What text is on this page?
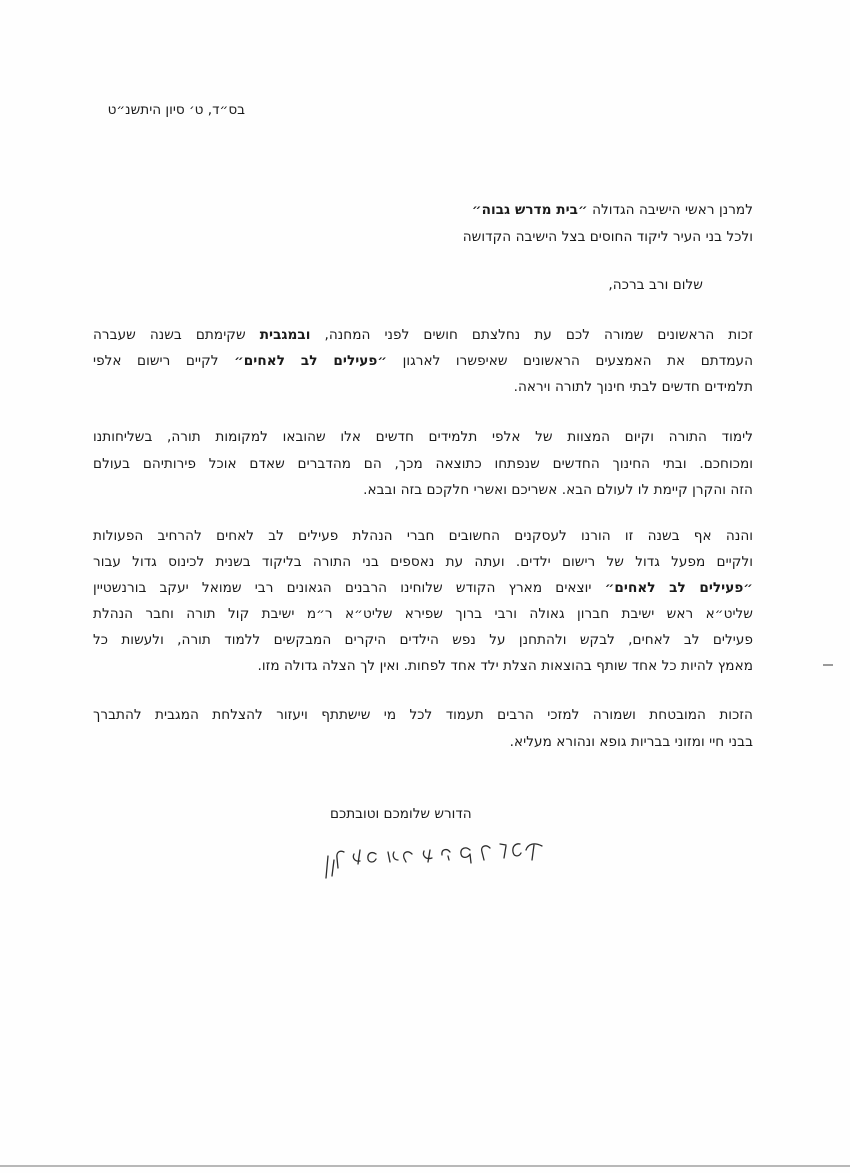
בס״ד, ט׳ סיון היתשנ״ט
למרנן ראשי הישיבה הגדולה ״בית מדרש גבוה״
ולכל בני העיר ליקוד החוסים בצל הישיבה הקדושה
שלום ורב ברכה,
זכות הראשונים שמורה לכם עת נחלצתם חושים לפני המחנה, ובמגבית שקימתם בשנה שעברה
העמדתם את האמצעים הראשונים שאיפשרו לארגון ״פעילים לב לאחים״ לקיים רישום אלפי
תלמידים חדשים לבתי חינוך לתורה ויראה.
לימוד התורה וקיום המצוות של אלפי תלמידים חדשים אלו שהובאו למקומות תורה, בשליחותנו
ומכוחכם. ובתי החינוך החדשים שנפתחו כתוצאה מכך, הם מהדברים שאדם אוכל פירותיהם בעולם
הזה והקרן קיימת לו לעולם הבא. אשריכם ואשרי חלקכם בזה ובבא.
והנה אף בשנה זו הורנו לעסקנים החשובים חברי הנהלת פעילים לב לאחים להרחיב הפעולות
ולקיים מפעל גדול של רישום ילדים. ועתה עת נאספים בני התורה בליקוד בשנית לכינוס גדול עבור
״פעילים לב לאחים״ יוצאים מארץ הקודש שלוחינו הרבנים הגאונים רבי שמואל יעקב בורנשטיין
שליט״א ראש ישיבת חברון גאולה ורבי ברוך שפירא שליט״א ר״מ ישיבת קול תורה וחבר הנהלת
פעילים לב לאחים, לבקש ולהתחנן על נפש הילדים היקרים המבקשים ללמוד תורה, ולעשות כל
מאמץ להיות כל אחד שותף בהוצאות הצלת ילד אחד לפחות. ואין לך הצלה גדולה מזו.
הזכות המובטחת ושמורה למזכי הרבים תעמוד לכל מי שישתתף ויעזור להצלחת המגבית להתברך
בבני חיי ומזוני בבריות גופא ונהורא מעליא.
הדורש שלומכם וטובתכם
